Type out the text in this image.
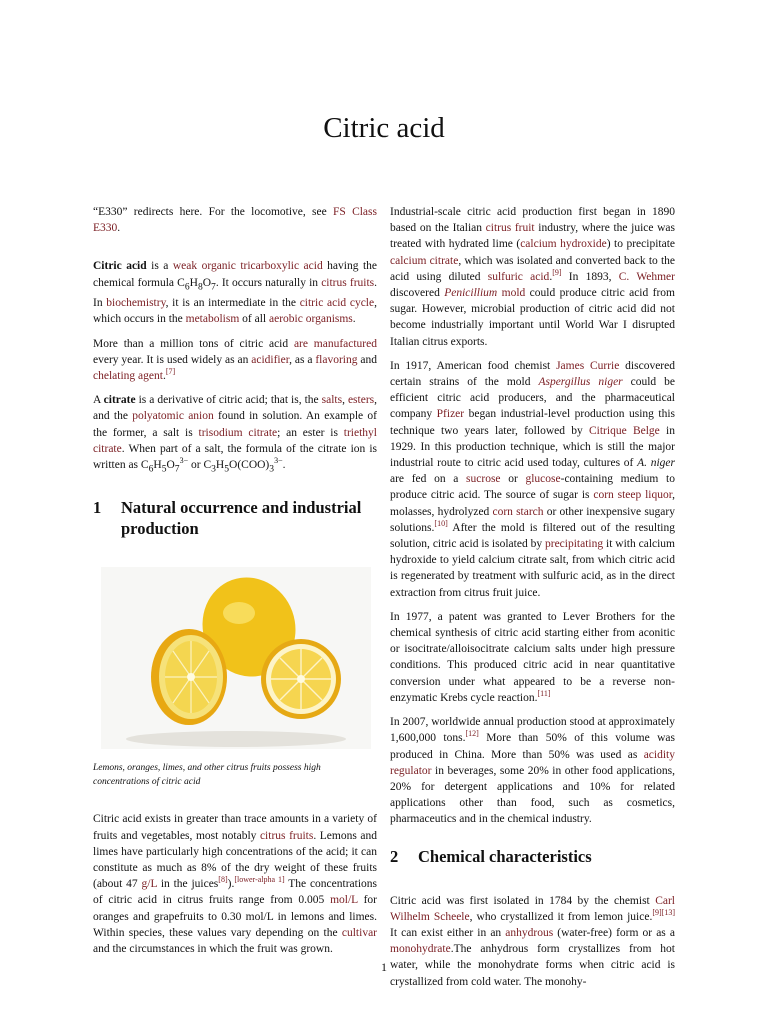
Citric acid

“E330” redirects here. For the locomotive, see FS Class E330.

Citric acid is a weak organic tricarboxylic acid having the chemical formula $C_6H_8O_7$. It occurs naturally in citrus fruits. In biochemistry, it is an intermediate in the citric acid cycle, which occurs in the metabolism of all aerobic organisms.

More than a million tons of citric acid are manufactured every year. It is used widely as an acidifier, as a flavoring and chelating agent.[7]

A citrate is a derivative of citric acid; that is, the salts, esters, and the polyatomic anion found in solution. An example of the former, a salt is trisodium citrate; an ester is triethyl citrate. When part of a salt, the formula of the citrate ion is written as $C_6H_5O_7^{3-}$ or $C_3H_5O(COO)_3^{3-}$.

1	Natural occurrence and industrial production

Lemons, oranges, limes, and other citrus fruits possess high concentrations of citric acid

Citric acid exists in greater than trace amounts in a variety of fruits and vegetables, most notably citrus fruits. Lemons and limes have particularly high concentrations of the acid; it can constitute as much as 8% of the dry weight of these fruits (about 47 g/L in the juices[8]).[lower-alpha 1] The concentrations of citric acid in citrus fruits range from 0.005 mol/L for oranges and grapefruits to 0.30 mol/L in lemons and limes. Within species, these values vary depending on the cultivar and the circumstances in which the fruit was grown.

Industrial-scale citric acid production first began in 1890 based on the Italian citrus fruit industry, where the juice was treated with hydrated lime (calcium hydroxide) to precipitate calcium citrate, which was isolated and converted back to the acid using diluted sulfuric acid.[9] In 1893, C. Wehmer discovered Penicillium mold could produce citric acid from sugar. However, microbial production of citric acid did not become industrially important until World War I disrupted Italian citrus exports.

In 1917, American food chemist James Currie discovered certain strains of the mold Aspergillus niger could be efficient citric acid producers, and the pharmaceutical company Pfizer began industrial-level production using this technique two years later, followed by Citrique Belge in 1929. In this production technique, which is still the major industrial route to citric acid used today, cultures of A. niger are fed on a sucrose or glucose-containing medium to produce citric acid. The source of sugar is corn steep liquor, molasses, hydrolyzed corn starch or other inexpensive sugary solutions.[10] After the mold is filtered out of the resulting solution, citric acid is isolated by precipitating it with calcium hydroxide to yield calcium citrate salt, from which citric acid is regenerated by treatment with sulfuric acid, as in the direct extraction from citrus fruit juice.

In 1977, a patent was granted to Lever Brothers for the chemical synthesis of citric acid starting either from aconitic or isocitrate/alloisocitrate calcium salts under high pressure conditions. This produced citric acid in near quantitative conversion under what appeared to be a reverse non-enzymatic Krebs cycle reaction.[11]

In 2007, worldwide annual production stood at approximately 1,600,000 tons.[12] More than 50% of this volume was produced in China. More than 50% was used as acidity regulator in beverages, some 20% in other food applications, 20% for detergent applications and 10% for related applications other than food, such as cosmetics, pharmaceutics and in the chemical industry.

2	Chemical characteristics

Citric acid was first isolated in 1784 by the chemist Carl Wilhelm Scheele, who crystallized it from lemon juice.[9][13] It can exist either in an anhydrous (water-free) form or as a monohydrate.The anhydrous form crystallizes from hot water, while the monohydrate forms when citric acid is crystallized from cold water. The monohy-

1
